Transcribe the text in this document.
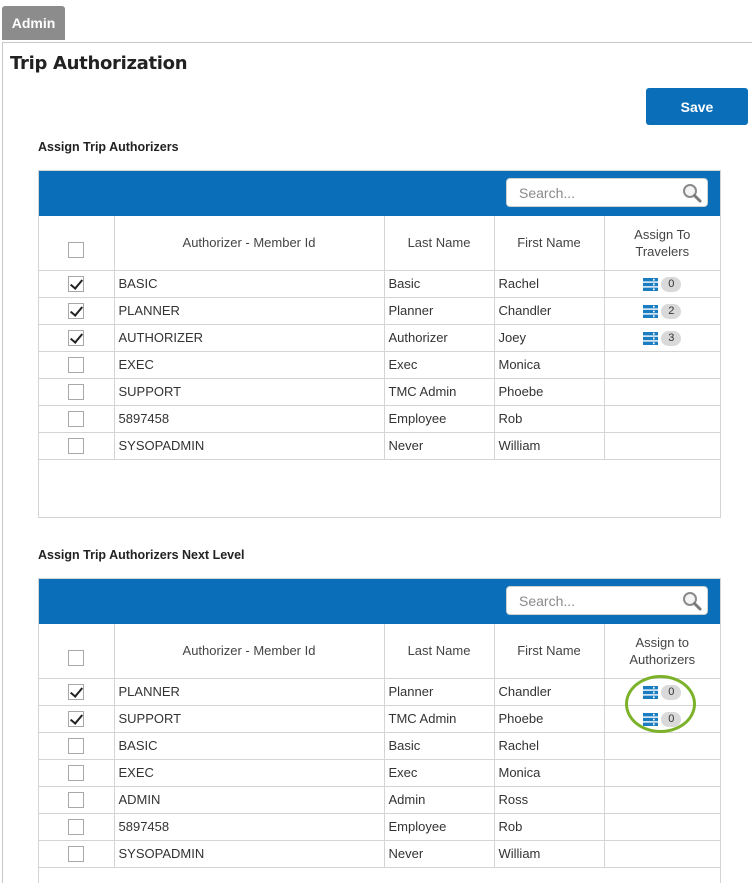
Admin
Trip Authorization
Save
Assign Trip Authorizers
Search...
	Authorizer - Member Id	Last Name	First Name	Assign To Travelers
	BASIC	Basic	Rachel	0

	PLANNER	Planner	Chandler	2

	AUTHORIZER	Authorizer	Joey	3

	EXEC	Exec	Monica	
	SUPPORT	TMC Admin	Phoebe	
	5897458	Employee	Rob	
	SYSOPADMIN	Never	William	
Assign Trip Authorizers Next Level
Search...
	Authorizer - Member Id	Last Name	First Name	Assign to Authorizers
	PLANNER	Planner	Chandler	0

	SUPPORT	TMC Admin	Phoebe	0

	BASIC	Basic	Rachel	
	EXEC	Exec	Monica	
	ADMIN	Admin	Ross	
	5897458	Employee	Rob	
	SYSOPADMIN	Never	William	
